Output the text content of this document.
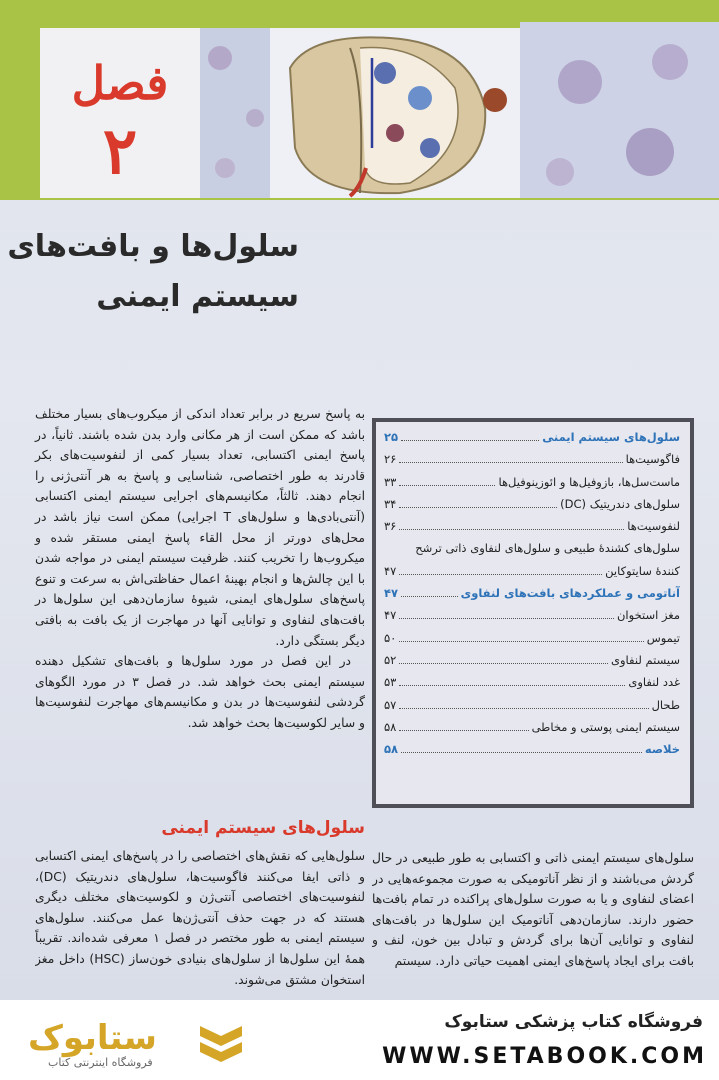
فصل
۲
سلول‌ها و بافت‌های
سیستم ایمنی

به پاسخ سریع در برابر تعداد اندکی از میکروب‌های بسیار مختلف باشد که ممکن است از هر مکانی وارد بدن شده باشند. ثانیاً، در پاسخ ایمنی اکتسابی، تعداد بسیار کمی از لنفوسیت‌های بکر قادرند به طور اختصاصی، شناسایی و پاسخ به هر آنتی‌ژنی را انجام دهند. ثالثاً، مکانیسم‌های اجرایی سیستم ایمنی اکتسابی (آنتی‌بادی‌ها و سلول‌های T اجرایی) ممکن است نیاز باشد در محل‌های دورتر از محل القاء پاسخ ایمنی مستقر شده و میکروب‌ها را تخریب کنند. ظرفیت سیستم ایمنی در مواجه شدن با این چالش‌ها و انجام بهینهٔ اعمال حفاظتی‌اش به سرعت و تنوع پاسخ‌های سلول‌های ایمنی، شیوهٔ سازمان‌دهی این سلول‌ها در بافت‌های لنفاوی و توانایی آنها در مهاجرت از یک بافت به بافتی دیگر بستگی دارد.

در این فصل در مورد سلول‌ها و بافت‌های تشکیل دهنده سیستم ایمنی بحث خواهد شد. در فصل ۳ در مورد الگوهای گردشی لنفوسیت‌ها در بدن و مکانیسم‌های مهاجرت لنفوسیت‌ها و سایر لکوسیت‌ها بحث خواهد شد.

سلول‌های سیستم ایمنی
۲۵
فاگوسیت‌ها
۲۶
ماست‌سل‌ها، بازوفیل‌ها و ائوزینوفیل‌ها
۳۳
سلول‌های دندریتیک (DC)
۳۴
لنفوسیت‌ها
۳۶
سلول‌های کشندهٔ طبیعی و سلول‌های لنفاوی ذاتی ترشح
کنندهٔ سایتوکاین
۴۷
آناتومی و عملکردهای بافت‌های لنفاوی
۴۷
مغز استخوان
۴۷
تیموس
۵۰
سیستم لنفاوی
۵۲
غدد لنفاوی
۵۳
طحال
۵۷
سیستم ایمنی پوستی و مخاطی
۵۸
خلاصه
۵۸
سلول‌های سیستم ایمنی
سلول‌هایی که نقش‌های اختصاصی را در پاسخ‌های ایمنی اکتسابی و ذاتی ایفا می‌کنند فاگوسیت‌ها، سلول‌های دندریتیک (DC)، لنفوسیت‌های اختصاصی آنتی‌ژن و لکوسیت‌های مختلف دیگری هستند که در جهت حذف آنتی‌ژن‌ها عمل می‌کنند. سلول‌های سیستم ایمنی به طور مختصر در فصل ۱ معرفی شده‌اند. تقریباً همهٔ این سلول‌ها از سلول‌های بنیادی خون‌ساز (HSC) داخل مغز استخوان مشتق می‌شوند.
سلول‌های سیستم ایمنی ذاتی و اکتسابی به طور طبیعی در حال گردش می‌باشند و از نظر آناتومیکی به صورت مجموعه‌هایی در اعضای لنفاوی و یا به صورت سلول‌های پراکنده در تمام بافت‌ها حضور دارند. سازمان‌دهی آناتومیک این سلول‌ها در بافت‌های لنفاوی و توانایی آن‌ها برای گردش و تبادل بین خون، لنف و بافت برای ایجاد پاسخ‌های ایمنی اهمیت حیاتی دارد. سیستم
فروشگاه کتاب پزشکی ستابوک
WWW.SETABOOK.COM
ستابوک
فروشگاه اینترنتی کتاب
